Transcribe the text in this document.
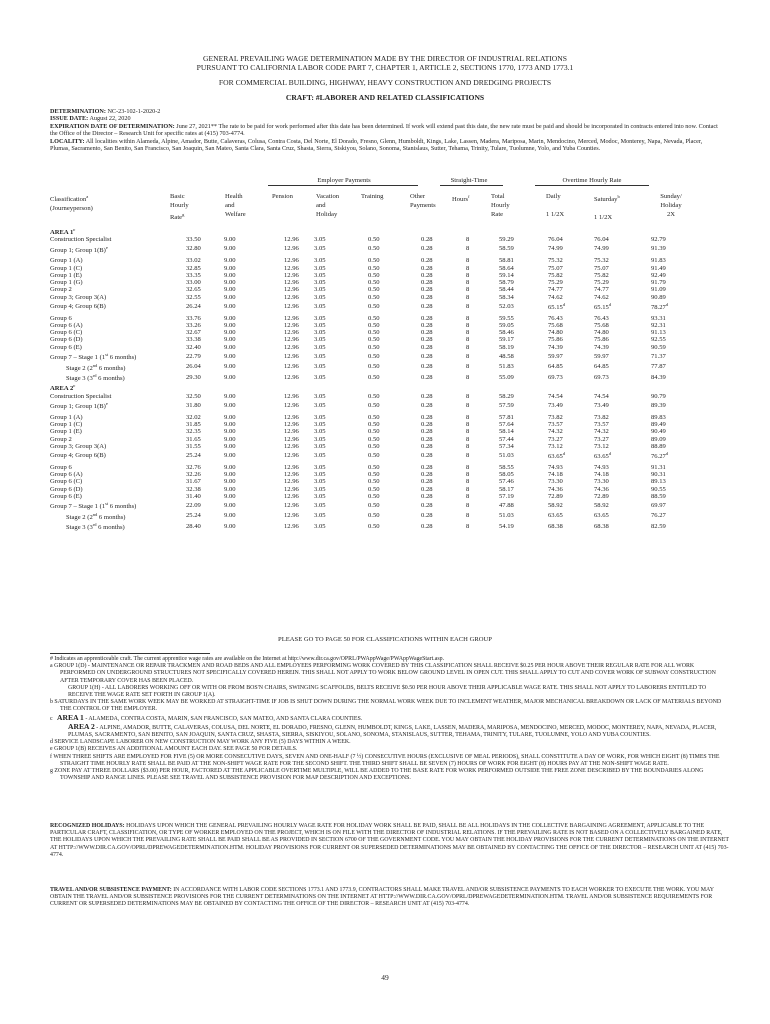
GENERAL PREVAILING WAGE DETERMINATION MADE BY THE DIRECTOR OF INDUSTRIAL RELATIONS
PURSUANT TO CALIFORNIA LABOR CODE PART 7, CHAPTER 1, ARTICLE 2, SECTIONS 1770, 1773 AND 1773.1
FOR COMMERCIAL BUILDING, HIGHWAY, HEAVY CONSTRUCTION AND DREDGING PROJECTS
CRAFT: #LABORER AND RELATED CLASSIFICATIONS
DETERMINATION: NC-23-102-1-2020-2
ISSUE DATE: August 22, 2020
EXPIRATION DATE OF DETERMINATION: June 27, 2021** The rate to be paid for work performed after this date has been determined. If work will extend past this date, the new rate must be paid and should be incorporated in contracts entered into now. Contact the Office of the Director – Research Unit for specific rates at (415) 703-4774.
LOCALITY: All localities within Alameda, Alpine, Amador, Butte, Calaveras, Colusa, Contra Costa, Del Norte, El Dorado, Fresno, Glenn, Humboldt, Kings, Lake, Lassen, Madera, Mariposa, Marin, Mendocino, Merced, Modoc, Monterey, Napa, Nevada, Placer, Plumas, Sacramento, San Benito, San Francisco, San Joaquin, San Mateo, Santa Clara, Santa Cruz, Shasta, Sierra, Siskiyou, Solano, Sonoma, Stanislaus, Sutter, Tehama, Trinity, Tulare, Tuolumne, Yolo, and Yuba Counties.
Employer Payments	Straight-Time	Overtime Hourly Rate
Classification$^a$
(Journeyperson)
Basic
Hourly
Rate$^g$
Health
and
Welfare
Pension	Vacation
and
Holiday
Training	Other
Payments
Hours$^f$	Total
Hourly
Rate
Daily
1 1/2X
Saturday$^b$
1 1/2X
Sunday/
Holiday
2X
AREA 1$^c$	
Construction Specialist	33.50	9.00	12.96	3.05	0.50	0.28	8	59.29	76.04	76.04	92.79
Group 1; Group $1(B)^e$	32.80	9.00	12.96	3.05	0.50	0.28	8	58.59	74.99	74.99	91.39

Group 1 (A)	33.02	9.00	12.96	3.05	0.50	0.28	8	58.81	75.32	75.32	91.83
Group 1 (C)	32.85	9.00	12.96	3.05	0.50	0.28	8	58.64	75.07	75.07	91.49
Group 1 (E)	33.35	9.00	12.96	3.05	0.50	0.28	8	59.14	75.82	75.82	92.49
Group 1 (G)	33.00	9.00	12.96	3.05	0.50	0.28	8	58.79	75.29	75.29	91.79
Group 2	32.65	9.00	12.96	3.05	0.50	0.28	8	58.44	74.77	74.77	91.09
Group 3; Group 3(A)	32.55	9.00	12.96	3.05	0.50	0.28	8	58.34	74.62	74.62	90.89
Group 4; Group 6(B)	26.24	9.00	12.96	3.05	0.50	0.28	8	52.03	65.15$^d$	65.15$^d$	78.27$^d$

Group 6	33.76	9.00	12.96	3.05	0.50	0.28	8	59.55	76.43	76.43	93.31
Group 6 (A)	33.26	9.00	12.96	3.05	0.50	0.28	8	59.05	75.68	75.68	92.31
Group 6 (C)	32.67	9.00	12.96	3.05	0.50	0.28	8	58.46	74.80	74.80	91.13
Group 6 (D)	33.38	9.00	12.96	3.05	0.50	0.28	8	59.17	75.86	75.86	92.55
Group 6 (E)	32.40	9.00	12.96	3.05	0.50	0.28	8	58.19	74.39	74.39	90.59
Group 7 – Stage 1 (1st 6 months)	22.79	9.00	12.96	3.05	0.50	0.28	8	48.58	59.97	59.97	71.37
Stage 2 (2nd 6 months)	26.04	9.00	12.96	3.05	0.50	0.28	8	51.83	64.85	64.85	77.87
Stage 3 (3rd 6 months)	29.30	9.00	12.96	3.05	0.50	0.28	8	55.09	69.73	69.73	84.39
AREA 2$^c$	
Construction Specialist	32.50	9.00	12.96	3.05	0.50	0.28	8	58.29	74.54	74.54	90.79
Group 1; Group $1(B)^e$	31.80	9.00	12.96	3.05	0.50	0.28	8	57.59	73.49	73.49	89.39

Group 1 (A)	32.02	9.00	12.96	3.05	0.50	0.28	8	57.81	73.82	73.82	89.83
Group 1 (C)	31.85	9.00	12.96	3.05	0.50	0.28	8	57.64	73.57	73.57	89.49
Group 1 (E)	32.35	9.00	12.96	3.05	0.50	0.28	8	58.14	74.32	74.32	90.49
Group 2	31.65	9.00	12.96	3.05	0.50	0.28	8	57.44	73.27	73.27	89.09
Group 3; Group 3(A)	31.55	9.00	12.96	3.05	0.50	0.28	8	57.34	73.12	73.12	88.89
Group 4; Group 6(B)	25.24	9.00	12.96	3.05	0.50	0.28	8	51.03	63.65$^d$	63.65$^d$	76.27$^d$

Group 6	32.76	9.00	12.96	3.05	0.50	0.28	8	58.55	74.93	74.93	91.31
Group 6 (A)	32.26	9.00	12.96	3.05	0.50	0.28	8	58.05	74.18	74.18	90.31
Group 6 (C)	31.67	9.00	12.96	3.05	0.50	0.28	8	57.46	73.30	73.30	89.13
Group 6 (D)	32.38	9.00	12.96	3.05	0.50	0.28	8	58.17	74.36	74.36	90.55
Group 6 (E)	31.40	9.00	12.96	3.05	0.50	0.28	8	57.19	72.89	72.89	88.59
Group 7 – Stage 1 (1st 6 months)	22.09	9.00	12.96	3.05	0.50	0.28	8	47.88	58.92	58.92	69.97
Stage 2 (2nd 6 months)	25.24	9.00	12.96	3.05	0.50	0.28	8	51.03	63.65	63.65	76.27
Stage 3 (3rd 6 months)	28.40	9.00	12.96	3.05	0.50	0.28	8	54.19	68.38	68.38	82.59
PLEASE GO TO PAGE 50 FOR CLASSIFICATIONS WITHIN EACH GROUP

# Indicates an apprenticeable craft. The current apprentice wage rates are available on the Internet at http://www.dir.ca.gov/OPRL/PWAppWage/PWAppWageStart.asp.

a GROUP 1(D) - MAINTENANCE OR REPAIR TRACKMEN AND ROAD BEDS AND ALL EMPLOYEES PERFORMING WORK COVERED BY THIS CLASSIFICATION SHALL RECEIVE $0.25 PER HOUR ABOVE THEIR REGULAR RATE FOR ALL WORK PERFORMED ON UNDERGROUND STRUCTURES NOT SPECIFICALLY COVERED HEREIN. THIS SHALL NOT APPLY TO WORK BELOW GROUND LEVEL IN OPEN CUT. THIS SHALL APPLY TO CUT AND COVER WORK OF SUBWAY CONSTRUCTION AFTER TEMPORARY COVER HAS BEEN PLACED.

GROUP 1(H) - ALL LABORERS WORKING OFF OR WITH OR FROM BOS'N CHAIRS, SWINGING SCAFFOLDS, BELTS RECEIVE $0.50 PER HOUR ABOVE THEIR APPLICABLE WAGE RATE. THIS SHALL NOT APPLY TO LABORERS ENTITLED TO RECEIVE THE WAGE RATE SET FORTH IN GROUP 1(A).

b SATURDAYS IN THE SAME WORK WEEK MAY BE WORKED AT STRAIGHT-TIME IF JOB IS SHUT DOWN DURING THE NORMAL WORK WEEK DUE TO INCLEMENT WEATHER, MAJOR MECHANICAL BREAKDOWN OR LACK OF MATERIALS BEYOND THE CONTROL OF THE EMPLOYER.

c   AREA 1 - ALAMEDA, CONTRA COSTA, MARIN, SAN FRANCISCO, SAN MATEO, AND SANTA CLARA COUNTIES.

AREA 2 - ALPINE, AMADOR, BUTTE, CALAVERAS, COLUSA, DEL NORTE, EL DORADO, FRESNO, GLENN, HUMBOLDT, KINGS, LAKE, LASSEN, MADERA, MARIPOSA, MENDOCINO, MERCED, MODOC, MONTEREY, NAPA, NEVADA, PLACER, PLUMAS, SACRAMENTO, SAN BENITO, SAN JOAQUIN, SANTA CRUZ, SHASTA, SIERRA, SISKIYOU, SOLANO, SONOMA, STANISLAUS, SUTTER, TEHAMA, TRINITY, TULARE, TUOLUMNE, YOLO AND YUBA COUNTIES.

d SERVICE LANDSCAPE LABORER ON NEW CONSTRUCTION MAY WORK ANY FIVE (5) DAYS WITHIN A WEEK.

e GROUP 1(B) RECEIVES AN ADDITIONAL AMOUNT EACH DAY. SEE PAGE 50 FOR DETAILS.

f WHEN THREE SHIFTS ARE EMPLOYED FOR FIVE (5) OR MORE CONSECUTIVE DAYS, SEVEN AND ONE-HALF (7 ½) CONSECUTIVE HOURS (EXCLUSIVE OF MEAL PERIODS), SHALL CONSTITUTE A DAY OF WORK, FOR WHICH EIGHT (8) TIMES THE STRAIGHT TIME HOURLY RATE SHALL BE PAID AT THE NON-SHIFT WAGE RATE FOR THE SECOND SHIFT. THE THIRD SHIFT SHALL BE SEVEN (7) HOURS OF WORK FOR EIGHT (8) HOURS PAY AT THE NON-SHIFT WAGE RATE.

g ZONE PAY AT THREE DOLLARS ($3.00) PER HOUR, FACTORED AT THE APPLICABLE OVERTIME MULTIPLE, WILL BE ADDED TO THE BASE RATE FOR WORK PERFORMED OUTSIDE THE FREE ZONE DESCRIBED BY THE BOUNDARIES ALONG TOWNSHIP AND RANGE LINES. PLEASE SEE TRAVEL AND SUBSISTENCE PROVISION FOR MAP DESCRIPTION AND EXCEPTIONS.

RECOGNIZED HOLIDAYS: HOLIDAYS UPON WHICH THE GENERAL PREVAILING HOURLY WAGE RATE FOR HOLIDAY WORK SHALL BE PAID, SHALL BE ALL HOLIDAYS IN THE COLLECTIVE BARGAINING AGREEMENT, APPLICABLE TO THE PARTICULAR CRAFT, CLASSIFICATION, OR TYPE OF WORKER EMPLOYED ON THE PROJECT, WHICH IS ON FILE WITH THE DIRECTOR OF INDUSTRIAL RELATIONS. IF THE PREVAILING RATE IS NOT BASED ON A COLLECTIVELY BARGAINED RATE, THE HOLIDAYS UPON WHICH THE PREVAILING RATE SHALL BE PAID SHALL BE AS PROVIDED IN SECTION 6700 OF THE GOVERNMENT CODE. YOU MAY OBTAIN THE HOLIDAY PROVISIONS FOR THE CURRENT DETERMINATIONS ON THE INTERNET AT HTTP://WWW.DIR.CA.GOV/OPRL/DPREWAGEDETERMINATION.HTM. HOLIDAY PROVISIONS FOR CURRENT OR SUPERSEDED DETERMINATIONS MAY BE OBTAINED BY CONTACTING THE OFFICE OF THE DIRECTOR – RESEARCH UNIT AT (415) 703-4774.
TRAVEL AND/OR SUBSISTENCE PAYMENT: IN ACCORDANCE WITH LABOR CODE SECTIONS 1773.1 AND 1773.9, CONTRACTORS SHALL MAKE TRAVEL AND/OR SUBSISTENCE PAYMENTS TO EACH WORKER TO EXECUTE THE WORK. YOU MAY OBTAIN THE TRAVEL AND/OR SUBSISTENCE PROVISIONS FOR THE CURRENT DETERMINATIONS ON THE INTERNET AT HTTP://WWW.DIR.CA.GOV/OPRL/DPREWAGEDETERMINATION.HTM. TRAVEL AND/OR SUBSISTENCE REQUIREMENTS FOR CURRENT OR SUPERSEDED DETERMINATIONS MAY BE OBTAINED BY CONTACTING THE OFFICE OF THE DIRECTOR – RESEARCH UNIT AT (415) 703-4774.
49
